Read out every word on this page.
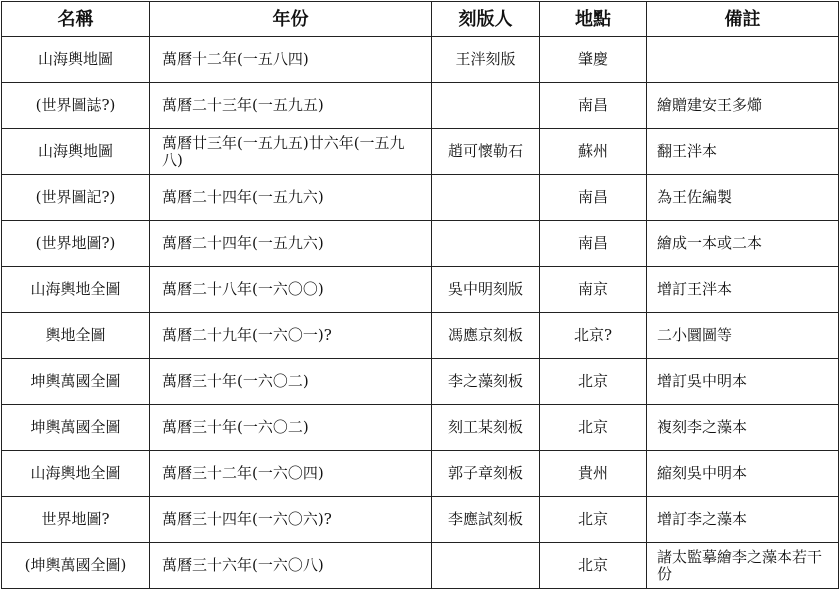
名稱	年份	刻版人	地點	備註
山海輿地圖	萬曆十二年(一五八四)	王泮刻版	肇慶	
(世界圖誌?)	萬曆二十三年(一五九五)		南昌	繪贈建安王多㸅
山海輿地圖	萬曆廿三年(一五九五)廿六年(一五九八)	趙可懷勒石	蘇州	翻王泮本
(世界圖記?)	萬曆二十四年(一五九六)		南昌	為王佐編製
(世界地圖?)	萬曆二十四年(一五九六)		南昌	繪成一本或二本
山海輿地全圖	萬曆二十八年(一六〇〇)	吳中明刻版	南京	增訂王泮本
輿地全圖	萬曆二十九年(一六〇一)?	馮應京刻板	北京?	二小圜圖等
坤輿萬國全圖	萬曆三十年(一六〇二)	李之藻刻板	北京	增訂吳中明本
坤輿萬國全圖	萬曆三十年(一六〇二)	刻工某刻板	北京	複刻李之藻本
山海輿地全圖	萬曆三十二年(一六〇四)	郭子章刻板	貴州	縮刻吳中明本
世界地圖?	萬曆三十四年(一六〇六)?	李應試刻板	北京	增訂李之藻本
(坤輿萬國全圖)	萬曆三十六年(一六〇八)		北京	諸太監摹繪李之藻本若干份
